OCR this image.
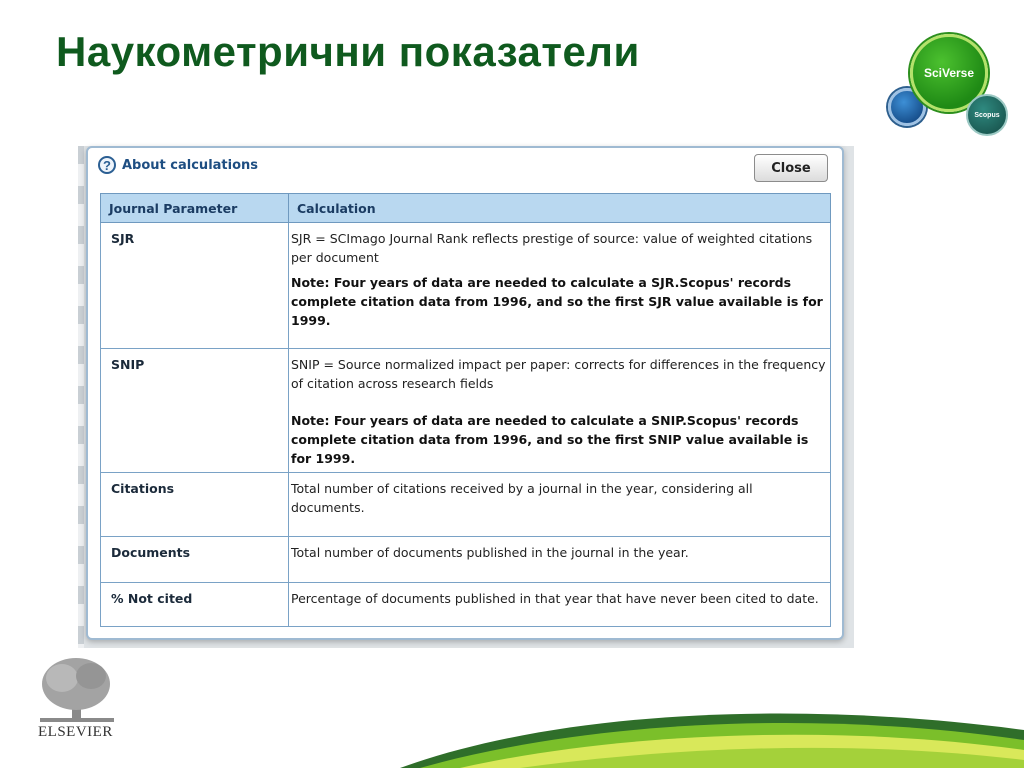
Наукометрични показатели	SciVerse
Scopus
? About calculations	Close
Journal Parameter	Calculation
SJR	SJR = SCImago Journal Rank reflects prestige of source: value of weighted citations per document
Note: Four years of data are needed to calculate a SJR.Scopus' records complete citation data from 1996, and so the first SJR value available is for 1999.

SNIP	SNIP = Source normalized impact per paper: corrects for differences in the frequency of citation across research fields
Note: Four years of data are needed to calculate a SNIP.Scopus' records complete citation data from 1996, and so the first SNIP value available is for 1999.

Citations	Total number of citations received by a journal in the year, considering all documents.
Documents	Total number of documents published in the journal in the year.
% Not cited	Percentage of documents published in that year that have never been cited to date.
ELSEVIER
